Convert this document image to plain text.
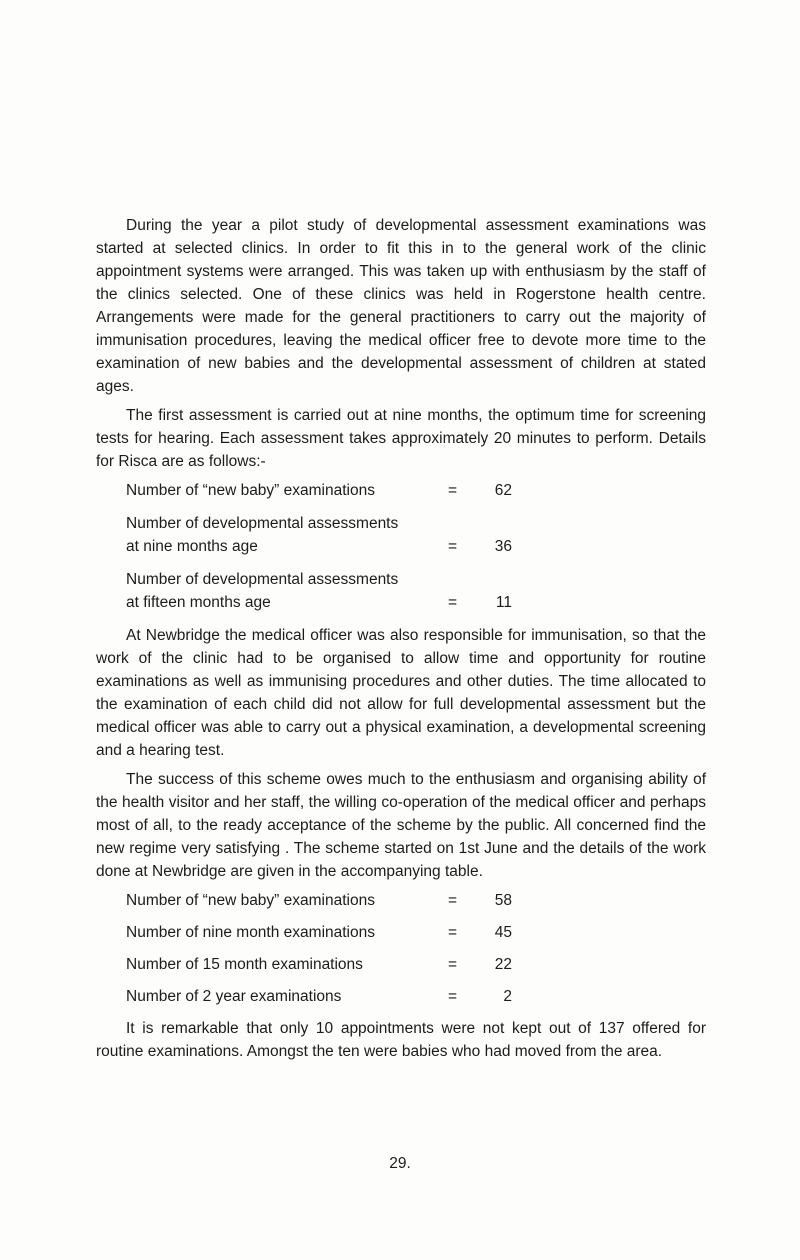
During the year a pilot study of developmental assessment examinations was started at selected clinics. In order to fit this in to the general work of the clinic appointment systems were arranged. This was taken up with enthusiasm by the staff of the clinics selected. One of these clinics was held in Rogerstone health centre. Arrangements were made for the general practitioners to carry out the majority of immunisation procedures, leaving the medical officer free to devote more time to the examination of new babies and the developmental assessment of children at stated ages.

The first assessment is carried out at nine months, the optimum time for screening tests for hearing. Each assessment takes approximately 20 minutes to perform. Details for Risca are as follows:-

Number of “new baby” examinations	=	62
Number of developmental assessments
at nine months age	=	36
Number of developmental assessments
at fifteen months age	=	11

At Newbridge the medical officer was also responsible for immunisation, so that the work of the clinic had to be organised to allow time and opportunity for routine examinations as well as immunising procedures and other duties. The time allocated to the examination of each child did not allow for full developmental assessment but the medical officer was able to carry out a physical examination, a developmental screening and a hearing test.

The success of this scheme owes much to the enthusiasm and organising ability of the health visitor and her staff, the willing co-operation of the medical officer and perhaps most of all, to the ready acceptance of the scheme by the public. All concerned find the new regime very satisfying . The scheme started on 1st June and the details of the work done at Newbridge are given in the accompanying table.

Number of “new baby” examinations	=	58
Number of nine month examinations	=	45
Number of 15 month examinations	=	22
Number of 2 year examinations	=	2

It is remarkable that only 10 appointments were not kept out of 137 offered for routine examinations. Amongst the ten were babies who had moved from the area.

29.
